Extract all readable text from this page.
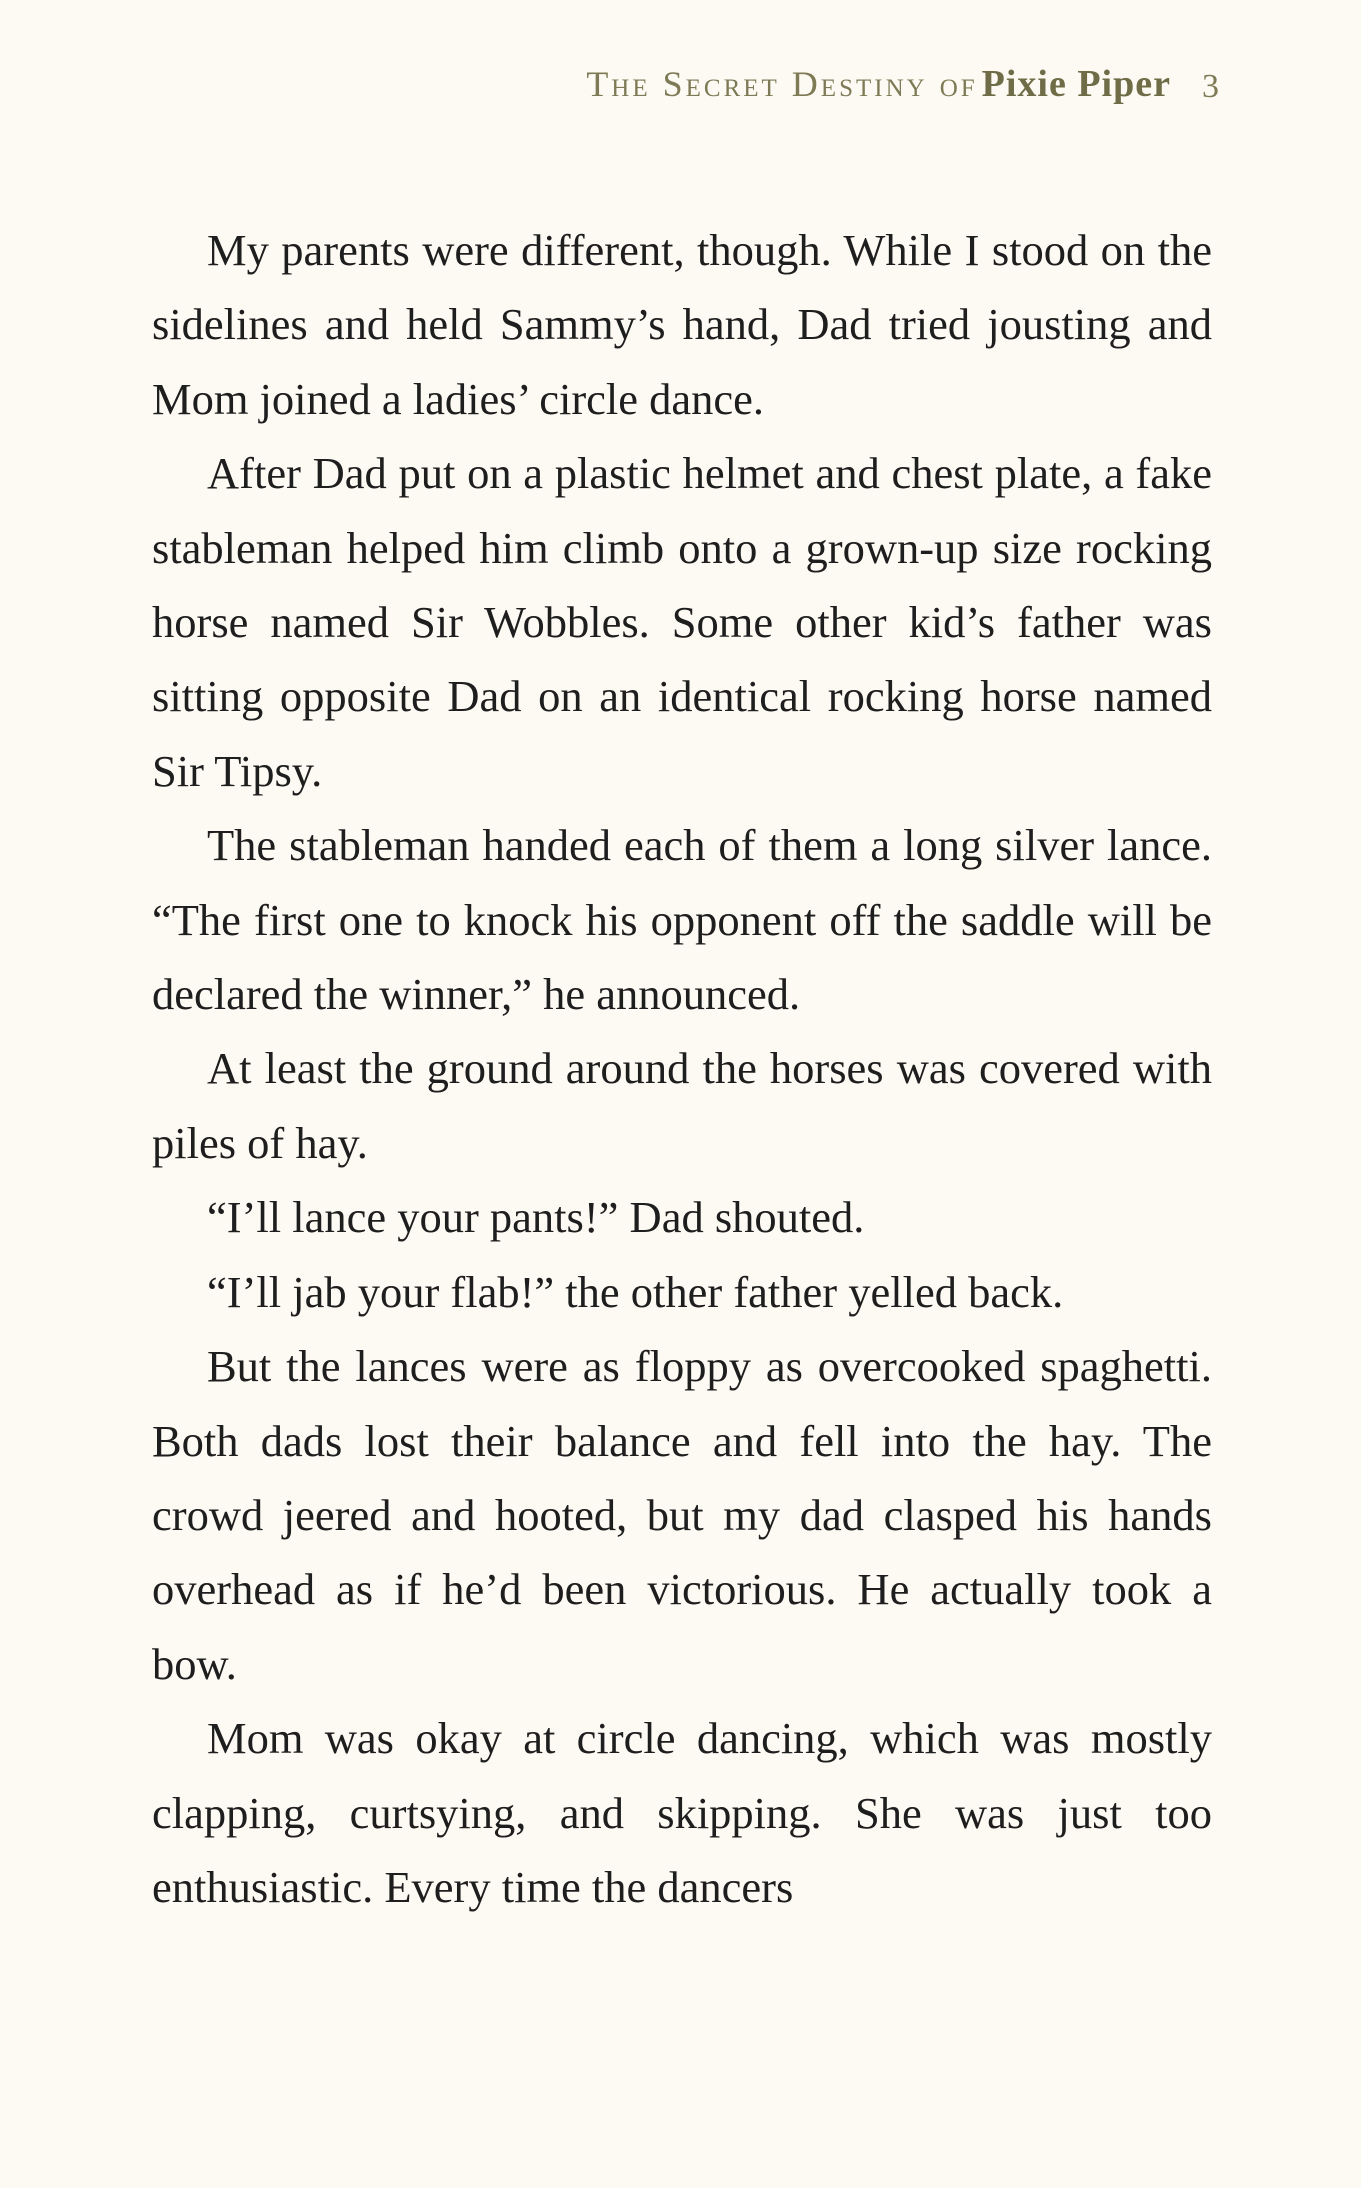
The Secret Destiny of Pixie Piper 3

My parents were different, though. While I stood on the sidelines and held Sammy’s hand, Dad tried jousting and Mom joined a ladies’ circle dance.

After Dad put on a plastic helmet and chest plate, a fake stableman helped him climb onto a grown-up size rocking horse named Sir Wobbles. Some other kid’s father was sitting opposite Dad on an identical rocking horse named Sir Tipsy.

The stableman handed each of them a long silver lance. “The first one to knock his opponent off the saddle will be declared the winner,” he announced.

At least the ground around the horses was covered with piles of hay.

“I’ll lance your pants!” Dad shouted.

“I’ll jab your flab!” the other father yelled back.

But the lances were as floppy as overcooked spaghetti. Both dads lost their balance and fell into the hay. The crowd jeered and hooted, but my dad clasped his hands overhead as if he’d been victorious. He actually took a bow.

Mom was okay at circle dancing, which was mostly clapping, curtsying, and skipping. She was just too enthusiastic. Every time the dancers
